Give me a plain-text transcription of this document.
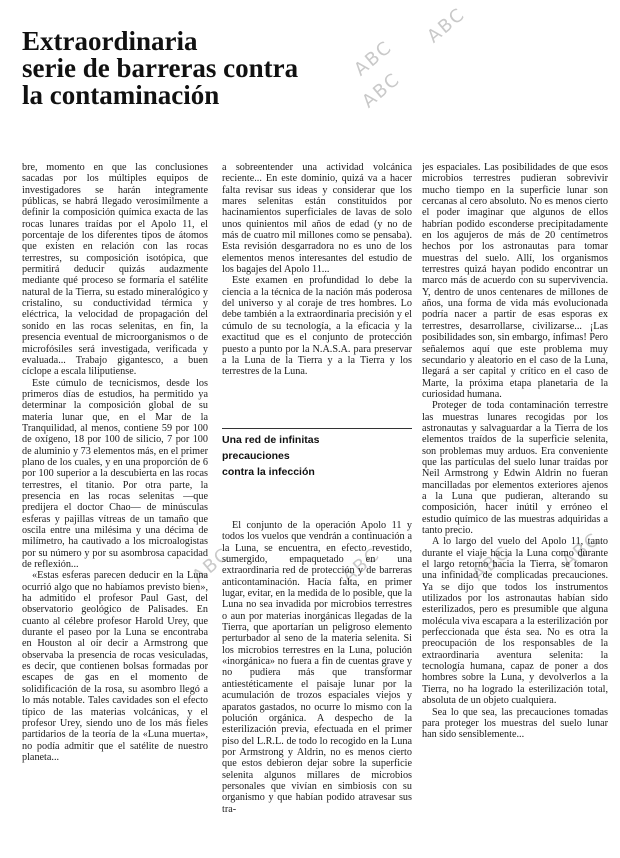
Extraordinaria
serie de barreras contra
la contaminación
ABC
ABC
ABC
ABC	ABC	ABC ABC

bre, momento en que las conclusiones sacadas por los múltiples equipos de investigadores se harán integramente públicas, se habrá llegado verosímilmente a definir la composición química exacta de las rocas lunares traídas por el Apolo 11, el porcentaje de los diferentes tipos de átomos que existen en relación con las rocas terrestres, su composición isotópica, que permitirá deducir quizás audazmente mediante qué proceso se formaría el satélite natural de la Tierra, su estado mineralógico y cristalino, su conductividad térmica y eléctrica, la velocidad de propagación del sonido en las rocas selenitas, en fin, la presencia eventual de microorganismos o de microfósiles será investigada, verificada y evaluada... Trabajo gigantesco, a buen cíclope a escala liliputiense.

Este cúmulo de tecnicismos, desde los primeros días de estudios, ha permitido ya determinar la composición global de su materia lunar que, en el Mar de la Tranquilidad, al menos, contiene 59 por 100 de oxígeno, 18 por 100 de silicio, 7 por 100 de aluminio y 73 elementos más, en el primer plano de los cuales, y en una proporción de 6 por 100 superior a la descubierta en las rocas terrestres, el titanio. Por otra parte, la presencia en las rocas selenitas —que predijera el doctor Chao— de minúsculas esferas y pajillas vítreas de un tamaño que oscila entre una milésima y una décima de milímetro, ha cautivado a los microalogistas por su número y por su asombrosa capacidad de reflexión...

«Estas esferas parecen deducir en la Luna ocurrió algo que no habíamos previsto bien», ha admitido el profesor Paul Gast, del observatorio geológico de Palisades. En cuanto al célebre profesor Harold Urey, que durante el paseo por la Luna se encontraba en Houston al oír decir a Armstrong que observaba la presencia de rocas vesiculadas, es decir, que contienen bolsas formadas por escapes de gas en el momento de solidificación de la rosa, su asombro llegó a lo más notable. Tales cavidades son el efecto típico de las materias volcánicas, y el profesor Urey, siendo uno de los más fieles partidarios de la teoría de la «Luna muerta», no podía admitir que el satélite de nuestro planeta...

a sobreentender una actividad volcánica reciente... En este dominio, quizá va a hacer falta revisar sus ideas y considerar que los mares selenitas están constituidos por hacinamientos superficiales de lavas de solo unos quinientos mil años de edad (y no de más de cuatro mil millones como se pensaba). Esta revisión desgarradora no es uno de los elementos menos interesantes del estudio de los bagajes del Apolo 11...

Este examen en profundidad lo debe la ciencia a la técnica de la nación más poderosa del universo y al coraje de tres hombres. Lo debe también a la extraordinaria precisión y el cúmulo de su tecnología, a la eficacia y la exactitud que es el conjunto de protección puesto a punto por la N.A.S.A. para preservar a la Luna de la Tierra y a la Tierra y los terrestres de la Luna.

Una red de infinitas
precauciones
contra la infección

El conjunto de la operación Apolo 11 y todos los vuelos que vendrán a continuación a la Luna, se encuentra, en efecto revestido, sumergido, empaquetado en una extraordinaria red de protección y de barreras anticontaminación. Hacía falta, en primer lugar, evitar, en la medida de lo posible, que la Luna no sea invadida por microbios terrestres o aun por materias inorgánicas llegadas de la Tierra, que aportarían un peligroso elemento perturbador al seno de la materia selenita. Si los microbios terrestres en la Luna, polución «inorgánica» no fuera a fin de cuentas grave y no pudiera más que transformar antiestéticamente el paisaje lunar por la acumulación de trozos espaciales viejos y aparatos gastados, no ocurre lo mismo con la polución orgánica. A despecho de la esterilización previa, efectuada en el primer piso del L.R.L. de todo lo recogido en la Luna por Armstrong y Aldrin, no es menos cierto que estos debieron dejar sobre la superficie selenita algunos millares de microbios personales que vivían en simbiosis con su organismo y que habían podido atravesar sus tra-

jes espaciales. Las posibilidades de que esos microbios terrestres pudieran sobrevivir mucho tiempo en la superficie lunar son cercanas al cero absoluto. No es menos cierto el poder imaginar que algunos de ellos habrían podido esconderse precipitadamente en los agujeros de más de 20 centímetros hechos por los astronautas para tomar muestras del suelo. Allí, los organismos terrestres quizá hayan podido encontrar un marco más de acuerdo con su supervivencia. Y, dentro de unos centenares de millones de años, una forma de vida más evolucionada podría nacer a partir de esas esporas ex terrestres, desarrollarse, civilizarse... ¡Las posibilidades son, sin embargo, ínfimas! Pero señalemos aquí que este problema muy secundario y aleatorio en el caso de la Luna, llegará a ser capital y crítico en el caso de Marte, la próxima etapa planetaria de la curiosidad humana.

Proteger de toda contaminación terrestre las muestras lunares recogidas por los astronautas y salvaguardar a la Tierra de los elementos traídos de la superficie selenita, son problemas muy arduos. Era conveniente que las partículas del suelo lunar traídas por Neil Armstrong y Edwin Aldrin no fueran mancilladas por elementos exteriores ajenos a la Luna que pudieran, alterando su composición, hacer inútil y erróneo el estudio químico de las muestras adquiridas a tanto precio.

A lo largo del vuelo del Apolo 11, tanto durante el viaje hacia la Luna como durante el largo retorno hacia la Tierra, se tomaron una infinidad de complicadas precauciones. Ya se dijo que todos los instrumentos utilizados por los astronautas habían sido esterilizados, pero es presumible que alguna molécula viva escapara a la esterilización por perfeccionada que ésta sea. No es otra la preocupación de los responsables de la extraordinaria aventura selenita: la tecnología humana, capaz de poner a dos hombres sobre la Luna, y devolverlos a la Tierra, no ha logrado la esterilización total, absoluta de un objeto cualquiera.

Sea lo que sea, las precauciones tomadas para proteger los muestras del suelo lunar han sido sensiblemente...
